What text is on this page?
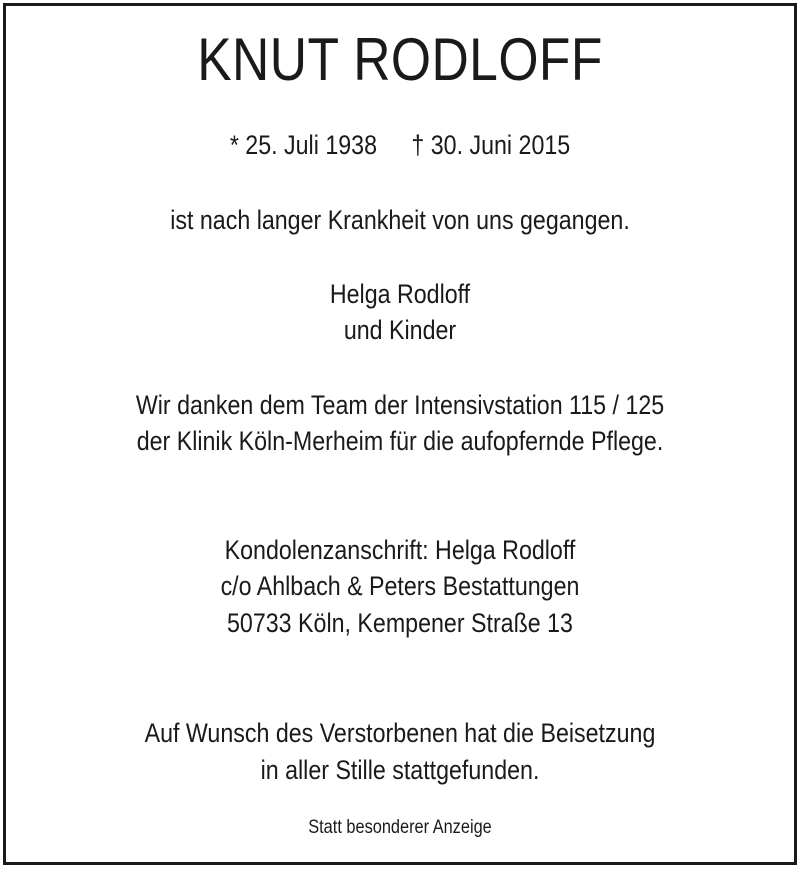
KNUT RODLOFF
* 25. Juli 1938 † 30. Juni 2015
ist nach langer Krankheit von uns gegangen.
Helga Rodloff
und Kinder
Wir danken dem Team der Intensivstation 115 / 125
der Klinik Köln-Merheim für die aufopfernde Pflege.
Kondolenzanschrift: Helga Rodloff
c/o Ahlbach & Peters Bestattungen
50733 Köln, Kempener Straße 13
Auf Wunsch des Verstorbenen hat die Beisetzung
in aller Stille stattgefunden.
Statt besonderer Anzeige
